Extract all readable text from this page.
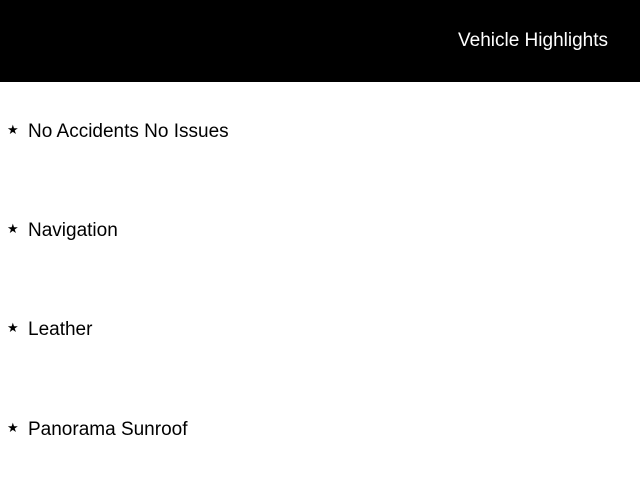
Vehicle Highlights
★ No Accidents No Issues
★ Navigation
★ Leather
★ Panorama Sunroof
